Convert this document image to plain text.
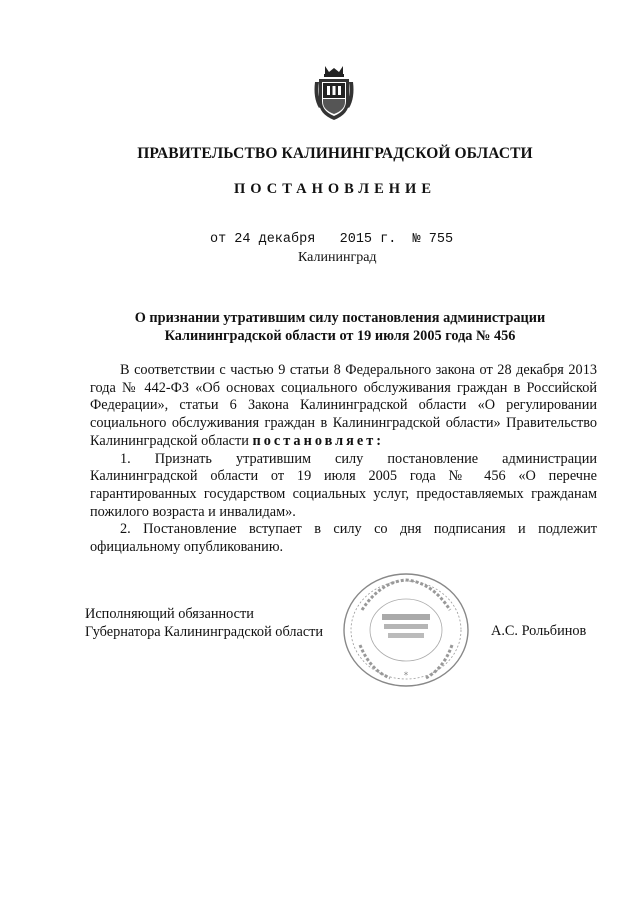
ПРАВИТЕЛЬСТВО КАЛИНИНГРАДСКОЙ ОБЛАСТИ
ПОСТАНОВЛЕНИЕ
от 24 декабря   2015 г.  № 755
Калининград
О признании утратившим силу постановления администрации
Калининградской области от 19 июля 2005 года № 456

В соответствии с частью 9 статьи 8 Федерального закона от 28 декабря 2013 года № 442-ФЗ «Об основах социального обслуживания граждан в Российской Федерации», статьи 6 Закона Калининградской области «О регулировании социального обслуживания граждан в Калининградской области» Правительство Калининградской области постановляет:

1. Признать утратившим силу постановление администрации Калининградской области от 19 июля 2005 года № 456 «О перечне гарантированных государством социальных услуг, предоставляемых гражданам пожилого возраста и инвалидам».

2. Постановление вступает в силу со дня подписания и подлежит официальному опубликованию.

Исполняющий обязанности
Губернатора Калининградской области
*
А.С. Рольбинов
